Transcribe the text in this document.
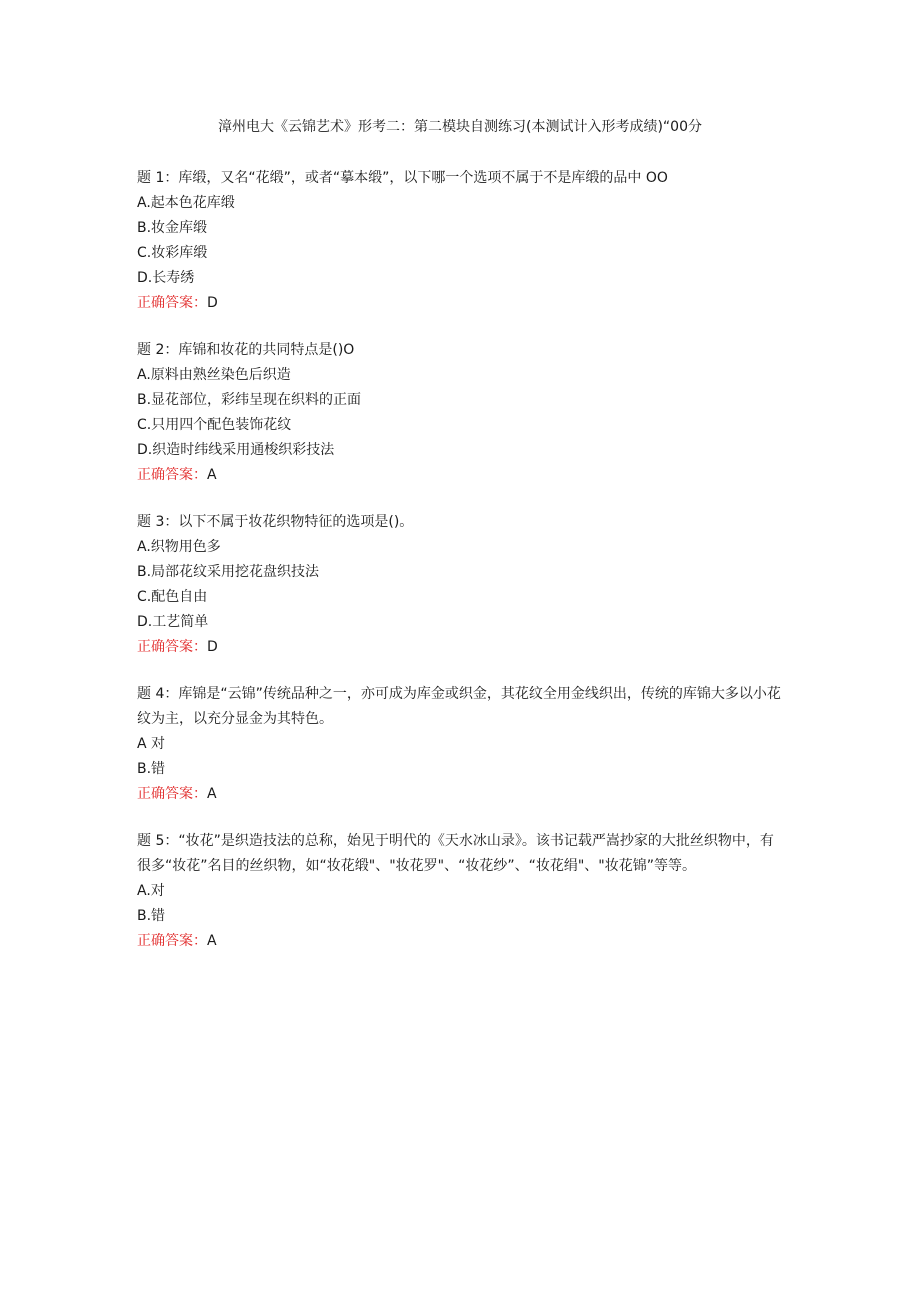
漳州电大《云锦艺术》形考二：第二模块自测练习(本测试计入形考成绩)“00分

题 1：库缎，又名“花缎”，或者“摹本缎”，以下哪一个选项不属于不是库缎的品中 OO

A.起本色花库缎

B.妆金库缎

C.妆彩库缎

D.长寿绣

正确答案：D

题 2：库锦和妆花的共同特点是()O

A.原料由熟丝染色后织造

B.显花部位，彩纬呈现在织料的正面

C.只用四个配色装饰花纹

D.织造时纬线采用通梭织彩技法

正确答案：A

题 3：以下不属于妆花织物特征的选项是()。

A.织物用色多

B.局部花纹采用挖花盘织技法

C.配色自由

D.工艺简单

正确答案：D

题 4：库锦是“云锦”传统品种之一，亦可成为库金或织金，其花纹全用金线织出，传统的库锦大多以小花纹为主，以充分显金为其特色。

A 对

B.错

正确答案：A

题 5：“妆花”是织造技法的总称，始见于明代的《天水冰山录》。该书记载严嵩抄家的大批丝织物中，有很多“妆花”名目的丝织物，如“妆花缎"、"妆花罗"、“妆花纱”、“妆花绢"、"妆花锦”等等。

A.对

B.错

正确答案：A
